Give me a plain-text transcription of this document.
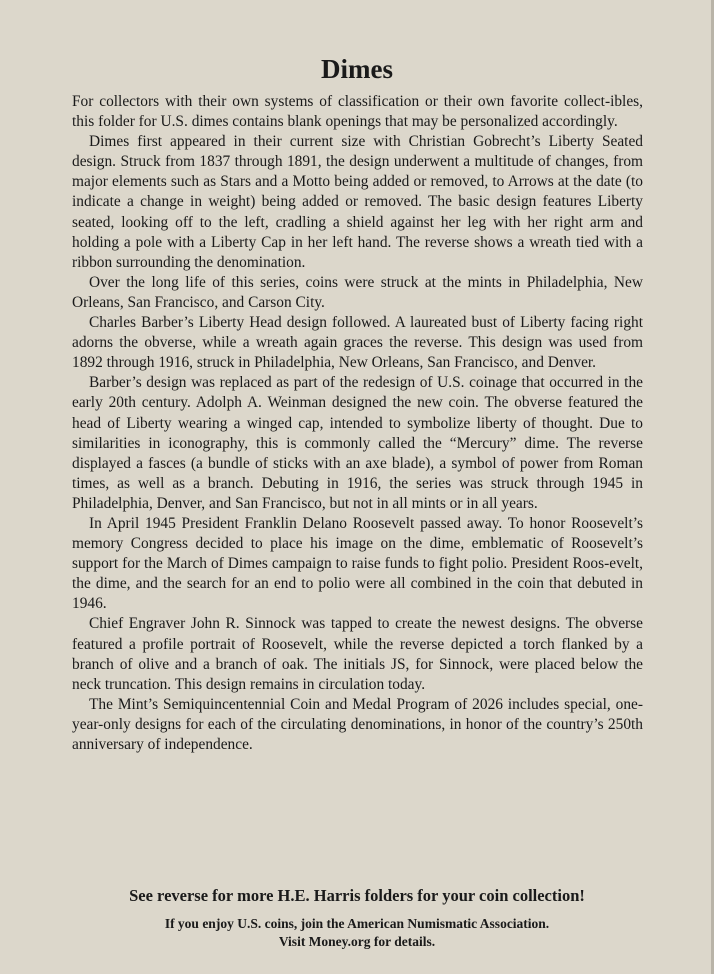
Dimes

For collectors with their own systems of classification or their own favorite collect-ibles, this folder for U.S. dimes contains blank openings that may be personalized accordingly.

Dimes first appeared in their current size with Christian Gobrecht’s Liberty Seated design. Struck from 1837 through 1891, the design underwent a multitude of changes, from major elements such as Stars and a Motto being added or removed, to Arrows at the date (to indicate a change in weight) being added or removed. The basic design features Liberty seated, looking off to the left, cradling a shield against her leg with her right arm and holding a pole with a Liberty Cap in her left hand. The reverse shows a wreath tied with a ribbon surrounding the denomination.

Over the long life of this series, coins were struck at the mints in Philadelphia, New Orleans, San Francisco, and Carson City.

Charles Barber’s Liberty Head design followed. A laureated bust of Liberty facing right adorns the obverse, while a wreath again graces the reverse. This design was used from 1892 through 1916, struck in Philadelphia, New Orleans, San Francisco, and Denver.

Barber’s design was replaced as part of the redesign of U.S. coinage that occurred in the early 20th century. Adolph A. Weinman designed the new coin. The obverse featured the head of Liberty wearing a winged cap, intended to symbolize liberty of thought. Due to similarities in iconography, this is commonly called the “Mercury” dime. The reverse displayed a fasces (a bundle of sticks with an axe blade), a symbol of power from Roman times, as well as a branch. Debuting in 1916, the series was struck through 1945 in Philadelphia, Denver, and San Francisco, but not in all mints or in all years.

In April 1945 President Franklin Delano Roosevelt passed away. To honor Roosevelt’s memory Congress decided to place his image on the dime, emblematic of Roosevelt’s support for the March of Dimes campaign to raise funds to fight polio. President Roos-evelt, the dime, and the search for an end to polio were all combined in the coin that debuted in 1946.

Chief Engraver John R. Sinnock was tapped to create the newest designs. The obverse featured a profile portrait of Roosevelt, while the reverse depicted a torch flanked by a branch of olive and a branch of oak. The initials JS, for Sinnock, were placed below the neck truncation. This design remains in circulation today.

The Mint’s Semiquincentennial Coin and Medal Program of 2026 includes special, one-year-only designs for each of the circulating denominations, in honor of the country’s 250th anniversary of independence.

See reverse for more H.E. Harris folders for your coin collection!
If you enjoy U.S. coins, join the American Numismatic Association.
Visit Money.org for details.
